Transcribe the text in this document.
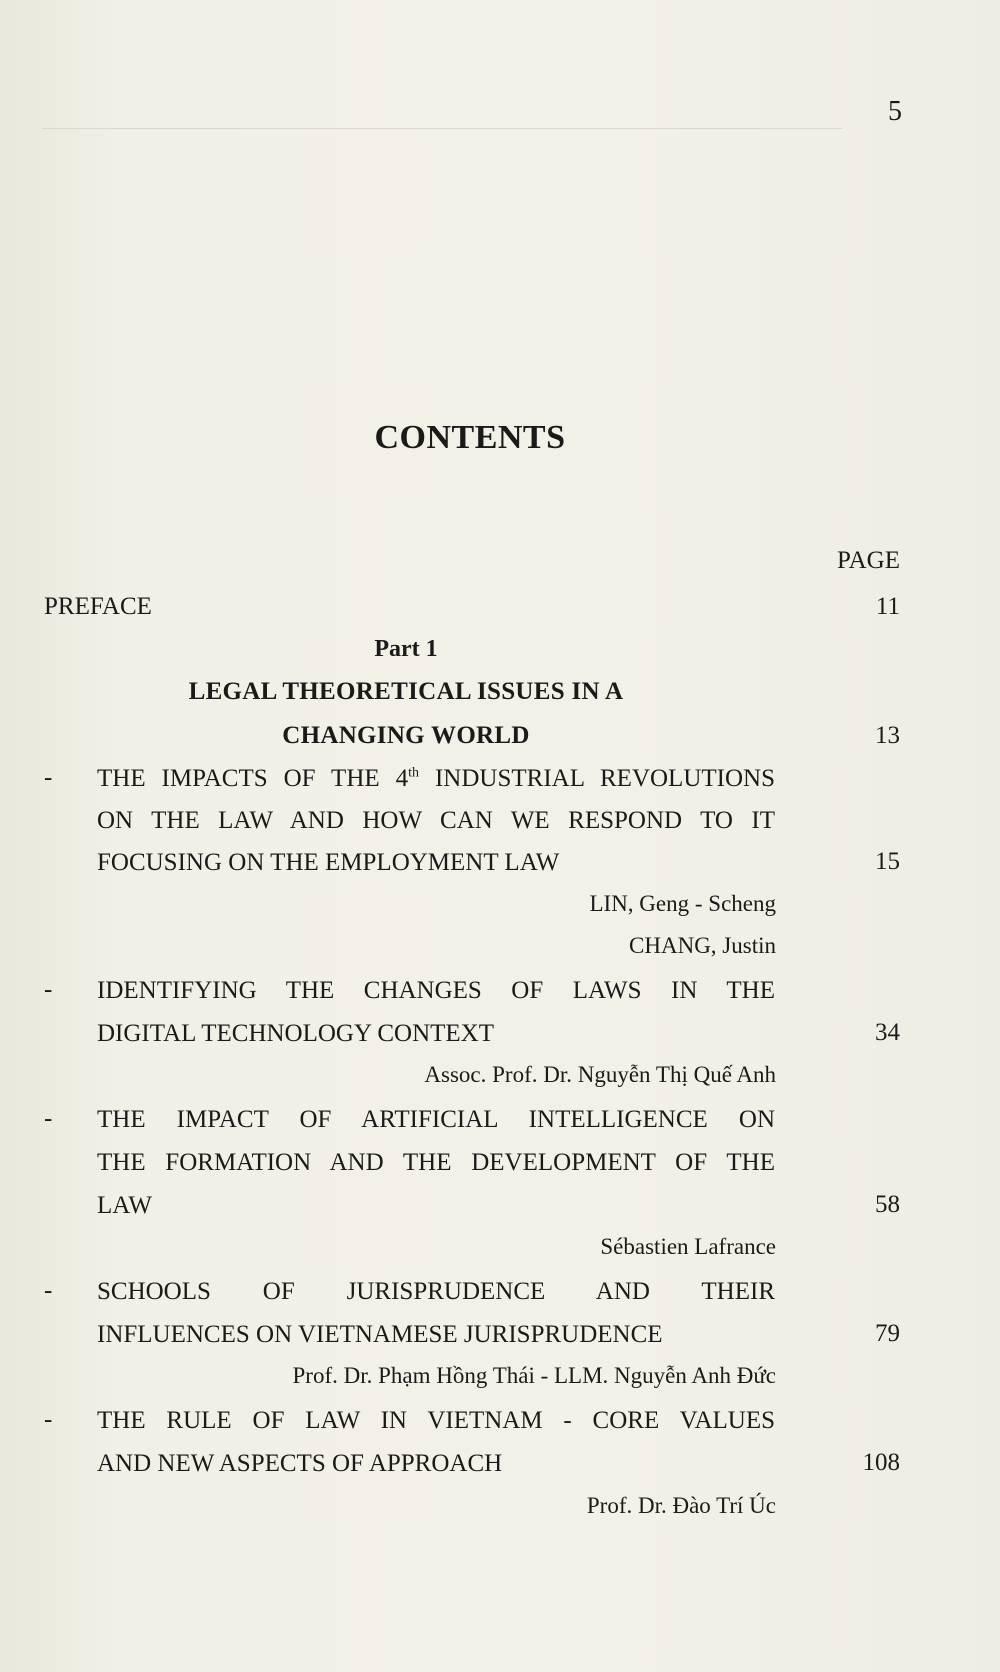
5
CONTENTS
PAGE
PREFACE	11
Part 1
LEGAL THEORETICAL ISSUES IN A
CHANGING WORLD	13
- THE IMPACTS OF THE 4th INDUSTRIAL REVOLUTIONS
ON THE LAW AND HOW CAN WE RESPOND TO IT
FOCUSING ON THE EMPLOYMENT LAW	15
LIN, Geng - Scheng
CHANG, Justin
- IDENTIFYING THE CHANGES OF LAWS IN THE
DIGITAL TECHNOLOGY CONTEXT	34
Assoc. Prof. Dr. Nguyễn Thị Quế Anh
- THE IMPACT OF ARTIFICIAL INTELLIGENCE ON
THE FORMATION AND THE DEVELOPMENT OF THE
LAW	58
Sébastien Lafrance
- SCHOOLS OF JURISPRUDENCE AND THEIR
INFLUENCES ON VIETNAMESE JURISPRUDENCE	79
Prof. Dr. Phạm Hồng Thái - LLM. Nguyễn Anh Đức
- THE RULE OF LAW IN VIETNAM - CORE VALUES
AND NEW ASPECTS OF APPROACH	108
Prof. Dr. Đào Trí Úc
